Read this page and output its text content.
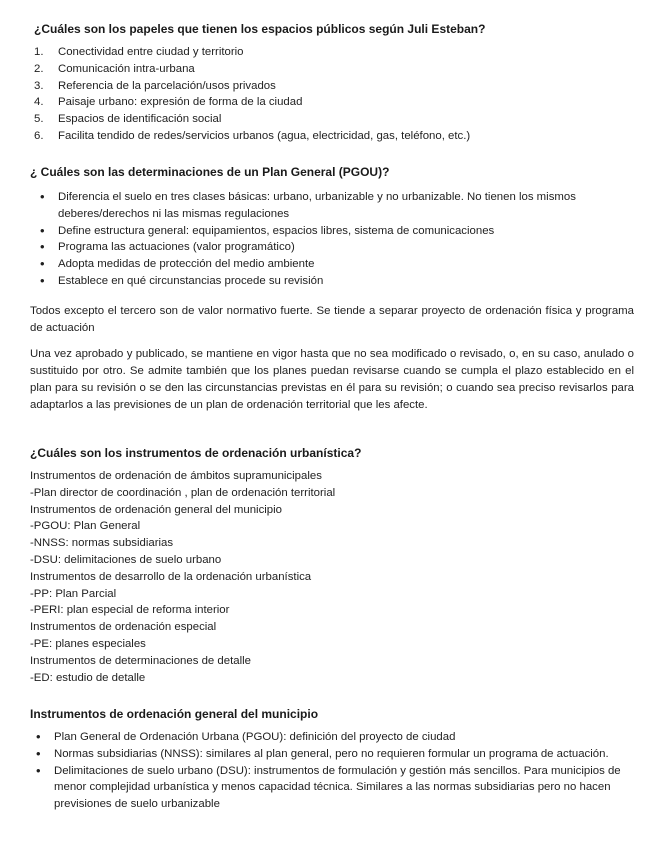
¿Cuáles son los papeles que tienen los espacios públicos según Juli Esteban?
1. Conectividad entre ciudad y territorio
2. Comunicación intra-urbana
3. Referencia de la parcelación/usos privados
4. Paisaje urbano: expresión de forma de la ciudad
5. Espacios de identificación social
6. Facilita tendido de redes/servicios urbanos (agua, electricidad, gas, teléfono, etc.)
¿ Cuáles son las determinaciones de un Plan General (PGOU)?
• Diferencia el suelo en tres clases básicas: urbano, urbanizable y no urbanizable. No tienen los mismos deberes/derechos ni las mismas regulaciones
• Define estructura general: equipamientos, espacios libres, sistema de comunicaciones
• Programa las actuaciones (valor programático)
• Adopta medidas de protección del medio ambiente
• Establece en qué circunstancias procede su revisión

Todos excepto el tercero son de valor normativo fuerte. Se tiende a separar proyecto de ordenación física y programa de actuación

Una vez aprobado y publicado, se mantiene en vigor hasta que no sea modificado o revisado, o, en su caso, anulado o sustituido por otro. Se admite también que los planes puedan revisarse cuando se cumpla el plazo establecido en el plan para su revisión o se den las circunstancias previstas en él para su revisión; o cuando sea preciso revisarlos para adaptarlos a las previsiones de un plan de ordenación territorial que les afecte.

¿Cuáles son los instrumentos de ordenación urbanística?
Instrumentos de ordenación de ámbitos supramunicipales
-Plan director de coordinación , plan de ordenación territorial
Instrumentos de ordenación general del municipio
-PGOU: Plan General
-NNSS: normas subsidiarias
-DSU: delimitaciones de suelo urbano
Instrumentos de desarrollo de la ordenación urbanística
-PP: Plan Parcial
-PERI: plan especial de reforma interior
Instrumentos de ordenación especial
-PE: planes especiales
Instrumentos de determinaciones de detalle
-ED: estudio de detalle
Instrumentos de ordenación general del municipio
• Plan General de Ordenación Urbana (PGOU): definición del proyecto de ciudad
• Normas subsidiarias (NNSS): similares al plan general, pero no requieren formular un programa de actuación.
• Delimitaciones de suelo urbano (DSU): instrumentos de formulación y gestión más sencillos. Para municipios de menor complejidad urbanística y menos capacidad técnica. Similares a las normas subsidiarias pero no hacen previsiones de suelo urbanizable
